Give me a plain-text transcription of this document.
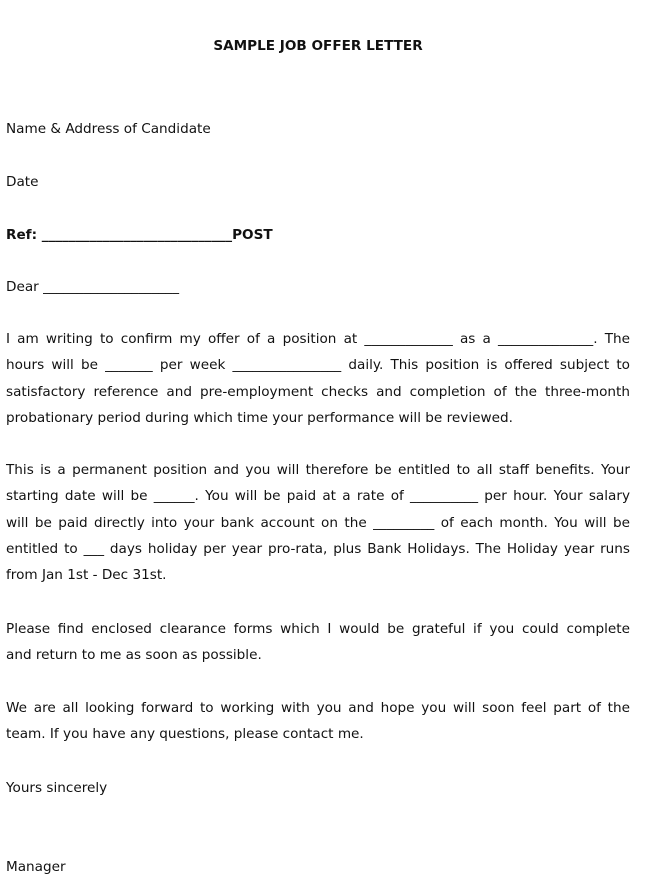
SAMPLE JOB OFFER LETTER

Name & Address of Candidate

Date

Ref: ____________________________POST

Dear ____________________

I am writing to confirm my offer of a position at _____________ as a ______________. The
hours will be _______ per week ________________ daily. This position is offered subject to
satisfactory reference and pre-employment checks and completion of the three-month
probationary period during which time your performance will be reviewed.
This is a permanent position and you will therefore be entitled to all staff benefits. Your
starting date will be ______. You will be paid at a rate of __________ per hour. Your salary
will be paid directly into your bank account on the _________ of each month. You will be
entitled to ___ days holiday per year pro-rata, plus Bank Holidays. The Holiday year runs
from Jan 1st - Dec 31st.
Please find enclosed clearance forms which I would be grateful if you could complete
and return to me as soon as possible.
We are all looking forward to working with you and hope you will soon feel part of the
team. If you have any questions, please contact me.

Yours sincerely

Manager
